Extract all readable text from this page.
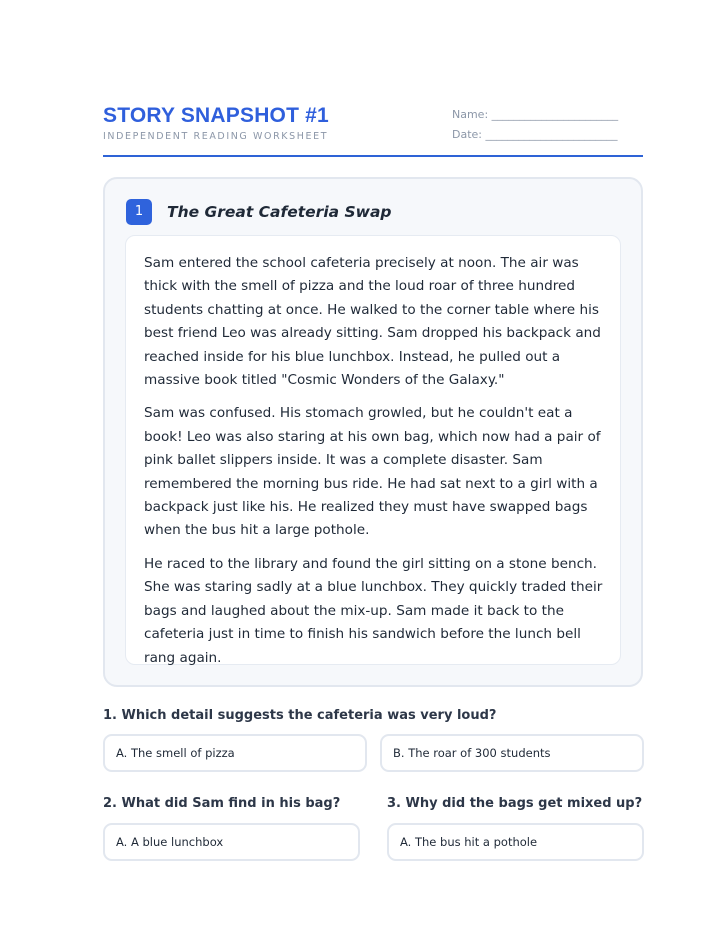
STORY SNAPSHOT #1
INDEPENDENT READING WORKSHEET
Name: _______________________
Date: ________________________
1	The Great Cafeteria Swap

Sam entered the school cafeteria precisely at noon. The air was thick with the smell of pizza and the loud roar of three hundred students chatting at once. He walked to the corner table where his best friend Leo was already sitting. Sam dropped his backpack and reached inside for his blue lunchbox. Instead, he pulled out a massive book titled "Cosmic Wonders of the Galaxy."

Sam was confused. His stomach growled, but he couldn't eat a book! Leo was also staring at his own bag, which now had a pair of pink ballet slippers inside. It was a complete disaster. Sam remembered the morning bus ride. He had sat next to a girl with a backpack just like his. He realized they must have swapped bags when the bus hit a large pothole.

He raced to the library and found the girl sitting on a stone bench. She was staring sadly at a blue lunchbox. They quickly traded their bags and laughed about the mix-up. Sam made it back to the cafeteria just in time to finish his sandwich before the lunch bell rang again.

1. Which detail suggests the cafeteria was very loud?
A. The smell of pizza	B. The roar of 300 students
2. What did Sam find in his bag?
A. A blue lunchbox
3. Why did the bags get mixed up?
A. The bus hit a pothole
